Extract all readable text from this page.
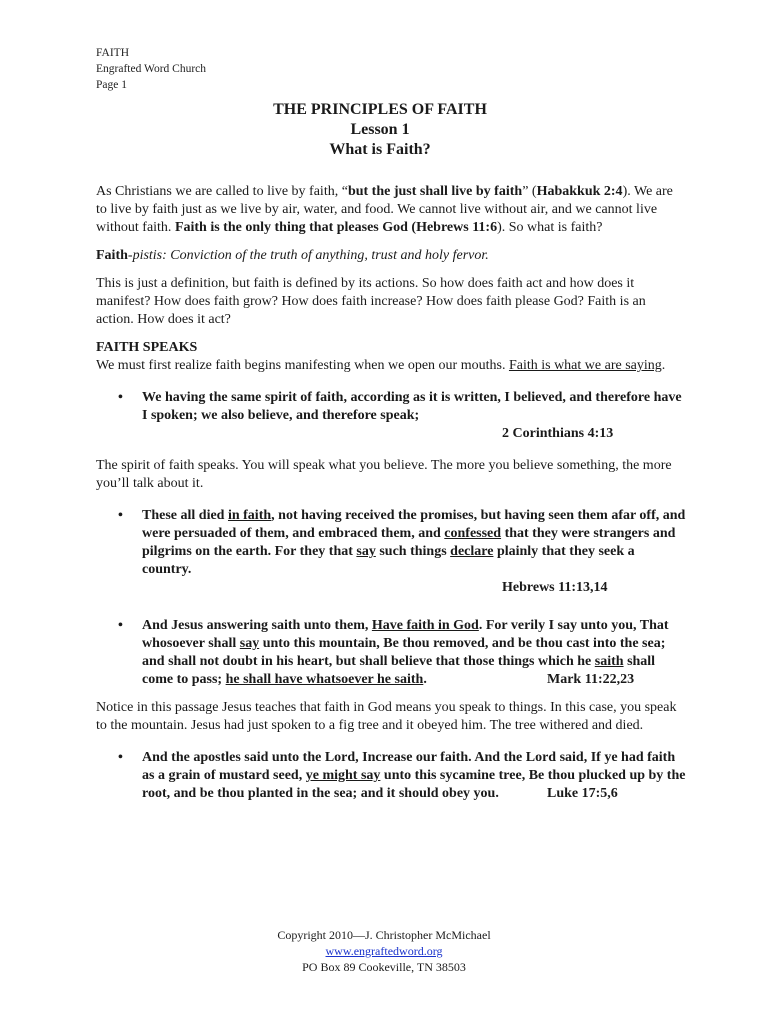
FAITH
Engrafted Word Church
Page 1
THE PRINCIPLES OF FAITH
Lesson 1
What is Faith?

As Christians we are called to live by faith, “but the just shall live by faith” (Habakkuk 2:4). We are to live by faith just as we live by air, water, and food. We cannot live without air, and we cannot live without faith. Faith is the only thing that pleases God (Hebrews 11:6). So what is faith?

Faith-pistis: Conviction of the truth of anything, trust and holy fervor.

This is just a definition, but faith is defined by its actions. So how does faith act and how does it manifest? How does faith grow? How does faith increase? How does faith please God? Faith is an action. How does it act?

FAITH SPEAKS

We must first realize faith begins manifesting when we open our mouths. Faith is what we are saying.

• We having the same spirit of faith, according as it is written, I believed, and therefore have I spoken; we also believe, and therefore speak;
2 Corinthians 4:13

The spirit of faith speaks. You will speak what you believe. The more you believe something, the more you’ll talk about it.

• These all died in faith, not having received the promises, but having seen them afar off, and were persuaded of them, and embraced them, and confessed that they were strangers and pilgrims on the earth. For they that say such things declare plainly that they seek a country.
Hebrews 11:13,14
• And Jesus answering saith unto them, Have faith in God. For verily I say unto you, That whosoever shall say unto this mountain, Be thou removed, and be thou cast into the sea; and shall not doubt in his heart, but shall believe that those things which he saith shall come to pass; he shall have whatsoever he saith.	Mark 11:22,23

Notice in this passage Jesus teaches that faith in God means you speak to things. In this case, you speak to the mountain. Jesus had just spoken to a fig tree and it obeyed him. The tree withered and died.

• And the apostles said unto the Lord, Increase our faith. And the Lord said, If ye had faith as a grain of mustard seed, ye might say unto this sycamine tree, Be thou plucked up by the root, and be thou planted in the sea; and it should obey you.	Luke 17:5,6
Copyright 2010—J. Christopher McMichael
www.engraftedword.org
PO Box 89 Cookeville, TN 38503
